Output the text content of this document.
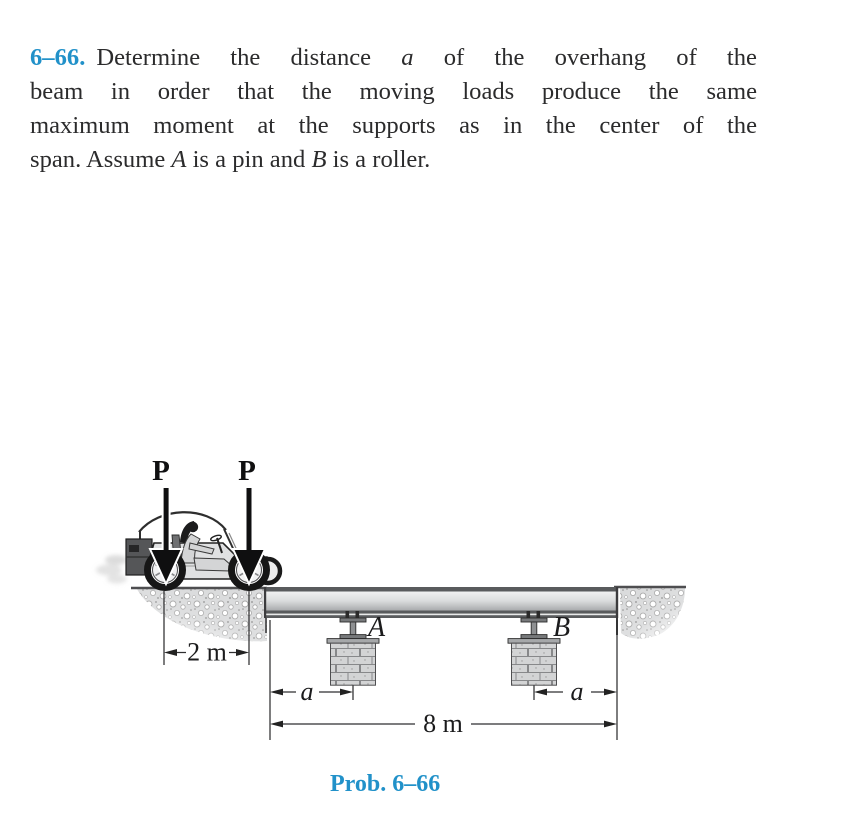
6–66. Determine the distance a of the overhang of the
beam in order that the moving loads produce the same
maximum moment at the supports as in the center of the
span. Assume A is a pin and B is a roller.
A	B
2 m
a	a
8 m
P P
Prob. 6–66
